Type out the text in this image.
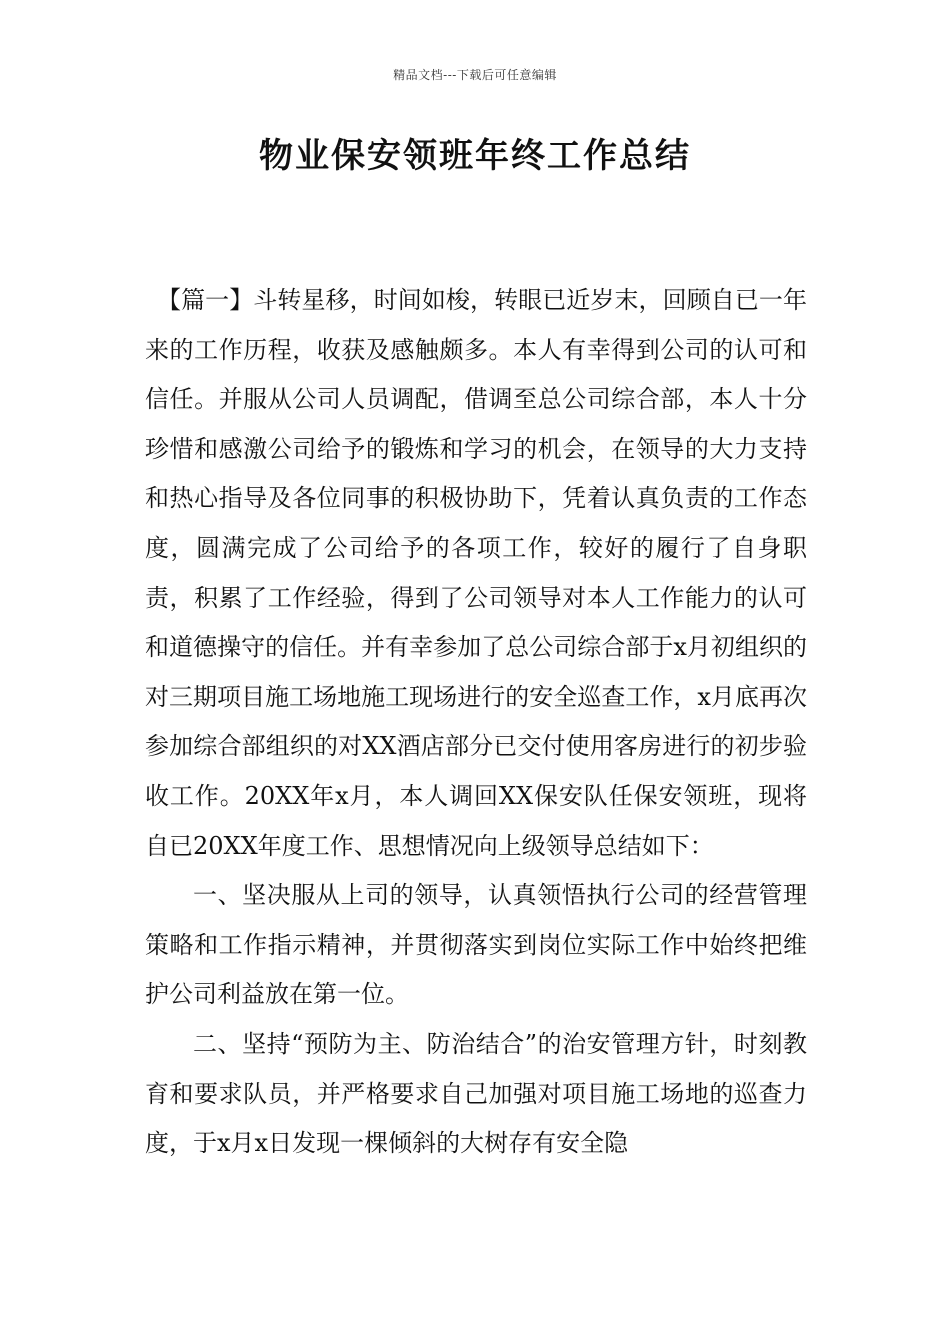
精品文档---下载后可任意编辑
物业保安领班年终工作总结

【篇一】斗转星移，时间如梭，转眼已近岁末，回顾自已一年来的工作历程，收获及感触颇多。本人有幸得到公司的认可和信任。并服从公司人员调配，借调至总公司综合部，本人十分珍惜和感激公司给予的锻炼和学习的机会，在领导的大力支持和热心指导及各位同事的积极协助下，凭着认真负责的工作态度，圆满完成了公司给予的各项工作，较好的履行了自身职责，积累了工作经验，得到了公司领导对本人工作能力的认可和道德操守的信任。并有幸参加了总公司综合部于x月初组织的对三期项目施工场地施工现场进行的安全巡查工作，x月底再次参加综合部组织的对XX酒店部分已交付使用客房进行的初步验收工作。20XX年x月，本人调回XX保安队任保安领班，现将自已20XX年度工作、思想情况向上级领导总结如下：

一、坚决服从上司的领导，认真领悟执行公司的经营管理策略和工作指示精神，并贯彻落实到岗位实际工作中始终把维护公司利益放在第一位。

二、坚持“预防为主、防治结合”的治安管理方针，时刻教育和要求队员，并严格要求自己加强对项目施工场地的巡查力度，于x月x日发现一棵倾斜的大树存有安全隐
